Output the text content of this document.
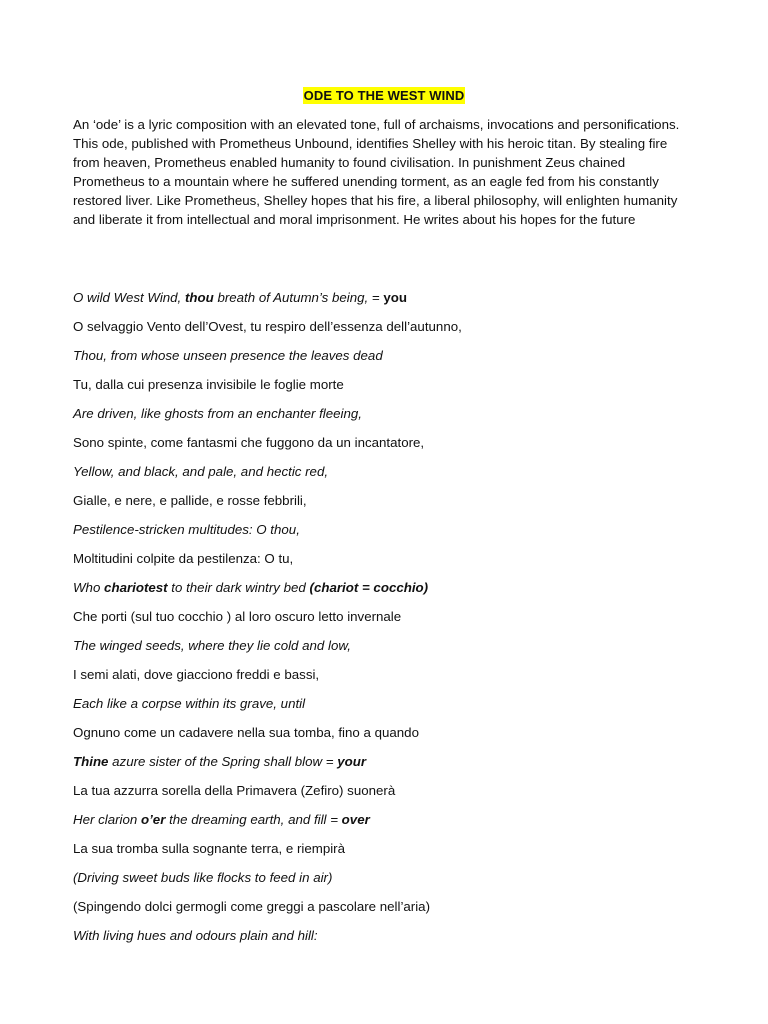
ODE TO THE WEST WIND

An ‘ode’ is a lyric composition with an elevated tone, full of archaisms, invocations and personifications. This ode, published with Prometheus Unbound, identifies Shelley with his heroic titan. By stealing fire from heaven, Prometheus enabled humanity to found civilisation. In punishment Zeus chained Prometheus to a mountain where he suffered unending torment, as an eagle fed from his constantly restored liver. Like Prometheus, Shelley hopes that his fire, a liberal philosophy, will enlighten humanity and liberate it from intellectual and moral imprisonment. He writes about his hopes for the future

O wild West Wind, thou breath of Autumn’s being, = you
O selvaggio Vento dell’Ovest, tu respiro dell’essenza dell’autunno,
Thou, from whose unseen presence the leaves dead
Tu, dalla cui presenza invisibile le foglie morte
Are driven, like ghosts from an enchanter fleeing,
Sono spinte, come fantasmi che fuggono da un incantatore,
Yellow, and black, and pale, and hectic red,
Gialle, e nere, e pallide, e rosse febbrili,
Pestilence-stricken multitudes: O thou,
Moltitudini colpite da pestilenza: O tu,
Who chariotest to their dark wintry bed (chariot = cocchio)
Che porti (sul tuo cocchio ) al loro oscuro letto invernale
The winged seeds, where they lie cold and low,
I semi alati, dove giacciono freddi e bassi,
Each like a corpse within its grave, until
Ognuno come un cadavere nella sua tomba, fino a quando
Thine azure sister of the Spring shall blow = your
La tua azzurra sorella della Primavera (Zefiro) suonerà
Her clarion o’er the dreaming earth, and fill = over
La sua tromba sulla sognante terra, e riempirà
(Driving sweet buds like flocks to feed in air)
(Spingendo dolci germogli come greggi a pascolare nell’aria)
With living hues and odours plain and hill:
